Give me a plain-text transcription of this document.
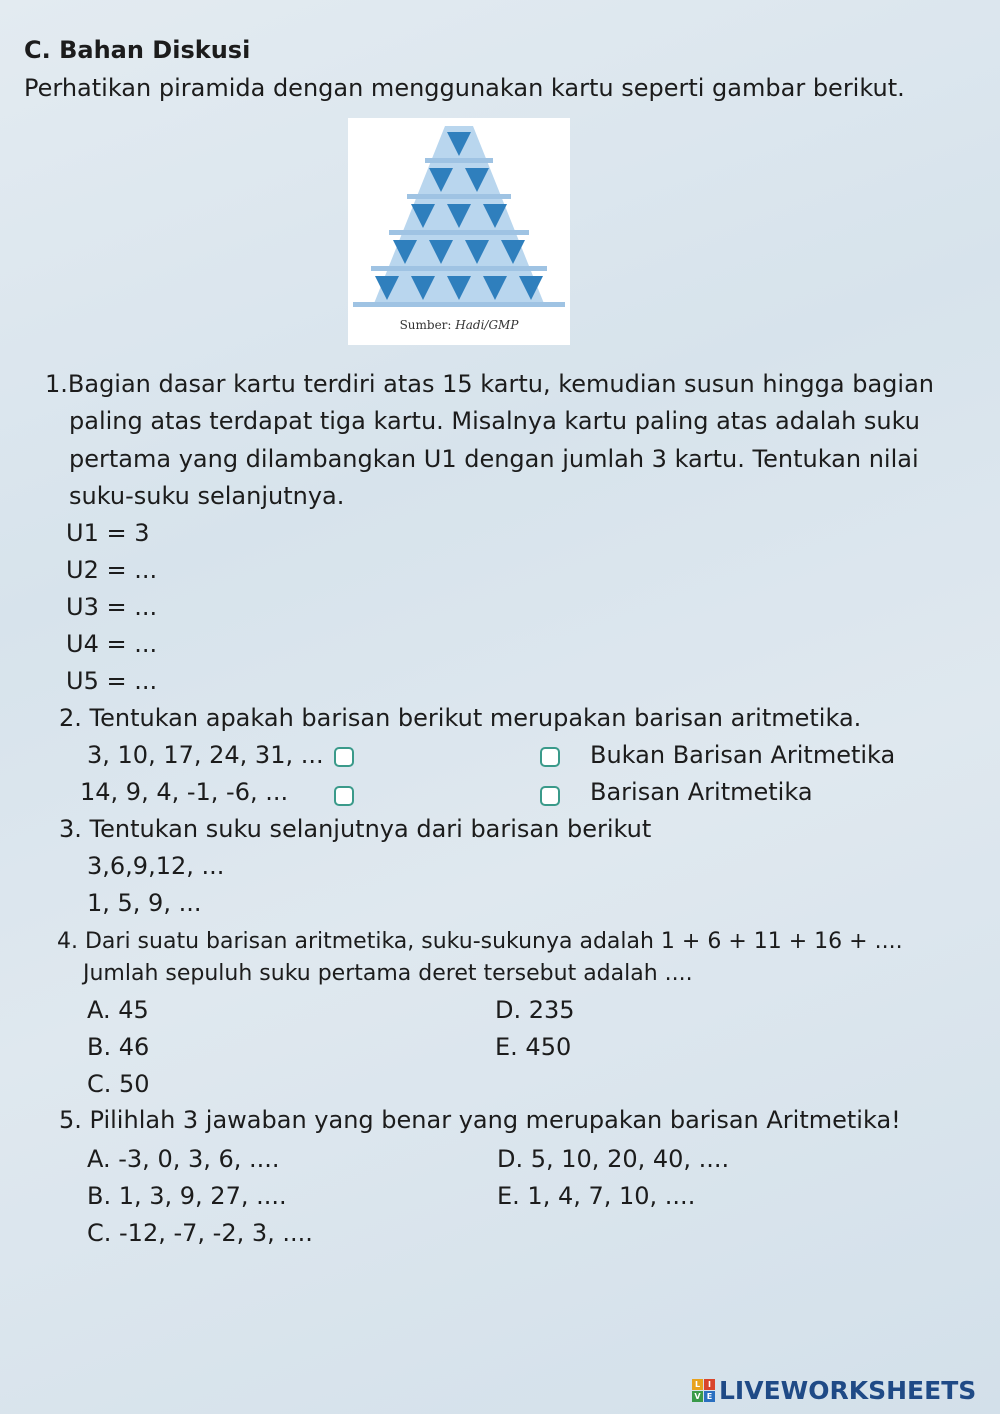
C. Bahan Diskusi
Perhatikan piramida dengan menggunakan kartu seperti gambar berikut.
Sumber: Hadi/GMP
1.Bagian dasar kartu terdiri atas 15 kartu, kemudian susun hingga bagian
paling atas terdapat tiga kartu. Misalnya kartu paling atas adalah suku
pertama yang dilambangkan U1 dengan jumlah 3 kartu. Tentukan nilai
suku-suku selanjutnya.
U1 = 3
U2 = ...
U3 = ...
U4 = ...
U5 = ...
2. Tentukan apakah barisan berikut merupakan barisan aritmetika.
3, 10, 17, 24, 31, ...	Bukan Barisan Aritmetika
14, 9, 4, -1, -6, ...	Barisan Aritmetika
3. Tentukan suku selanjutnya dari barisan berikut
3,6,9,12, ...
1, 5, 9, ...
4. Dari suatu barisan aritmetika, suku-sukunya adalah 1 + 6 + 11 + 16 + ....
Jumlah sepuluh suku pertama deret tersebut adalah ....
A. 45	D. 235
B. 46	E. 450
C. 50
5. Pilihlah 3 jawaban yang benar yang merupakan barisan Aritmetika!
A. -3, 0, 3, 6, ....	D. 5, 10, 20, 40, ....
B. 1, 3, 9, 27, ....	E. 1, 4, 7, 10, ....
C. -12, -7, -2, 3, ....
L I
V E LIVEWORKSHEETS
